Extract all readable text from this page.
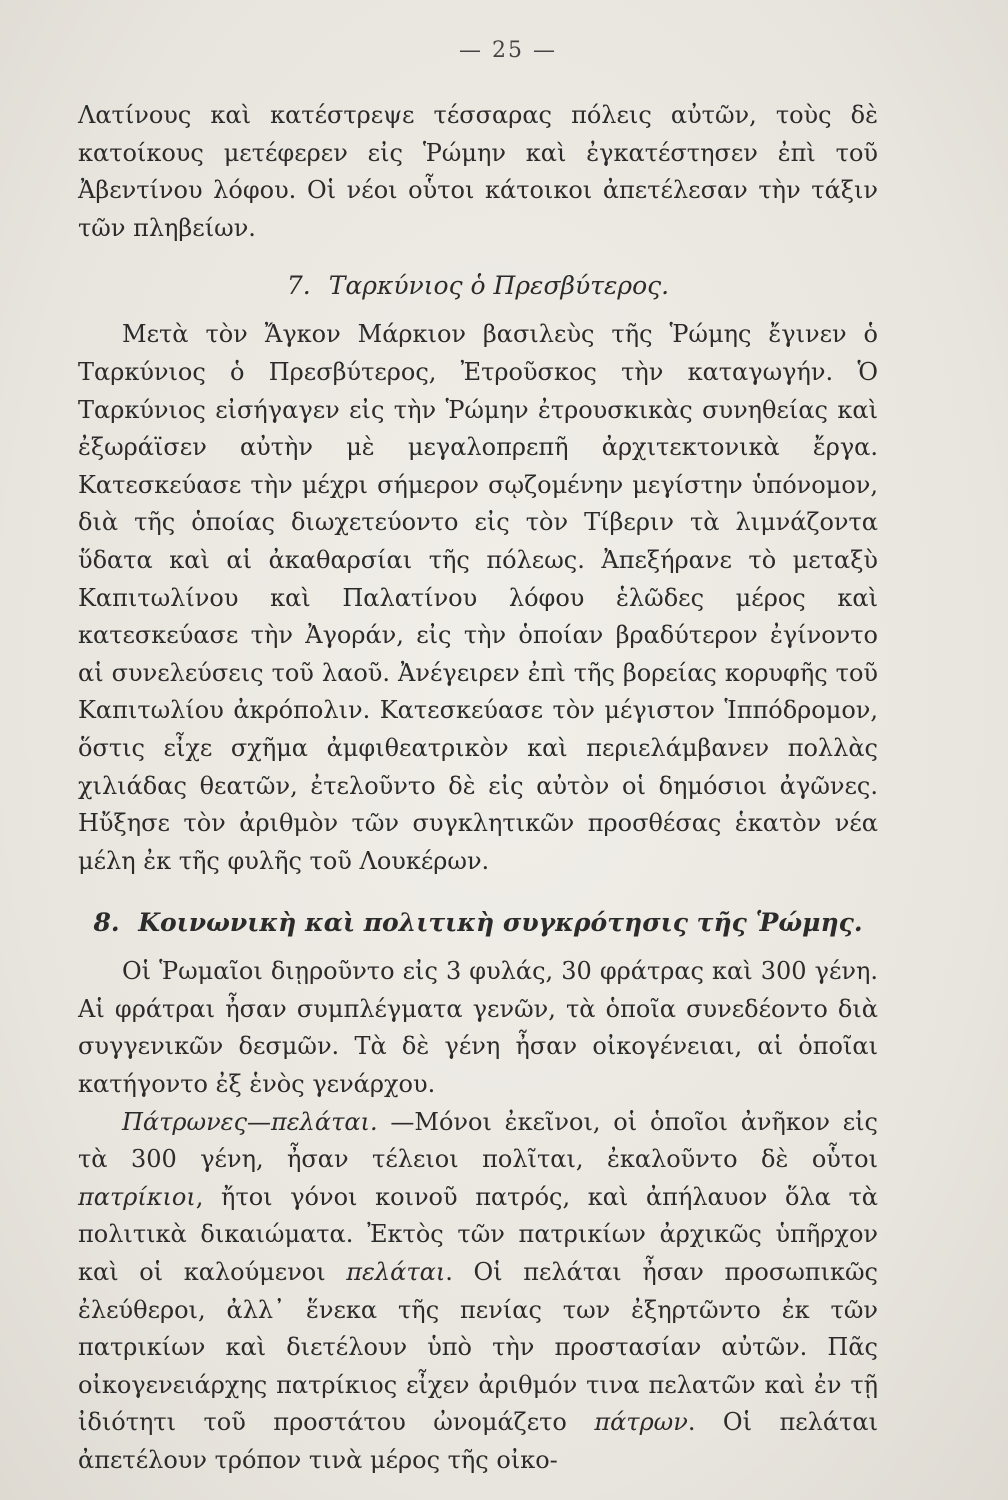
— 25 —

Λατίνους καὶ κατέστρεψε τέσσαρας πόλεις αὐτῶν, τοὺς δὲ κατοίκους μετέφερεν εἰς Ῥώμην καὶ ἐγκατέστησεν ἐπὶ τοῦ Ἀβεντίνου λόφου. Οἱ νέοι οὗτοι κάτοικοι ἀπετέλεσαν τὴν τάξιν τῶν πληβείων.

7. Ταρκύνιος ὁ Πρεσβύτερος.

Μετὰ τὸν Ἄγκον Μάρκιον βασιλεὺς τῆς Ῥώμης ἔγινεν ὁ Ταρκύνιος ὁ Πρεσβύτερος, Ἐτροῦσκος τὴν καταγωγήν. Ὁ Ταρκύνιος εἰσήγαγεν εἰς τὴν Ῥώμην ἐτρουσκικὰς συνηθείας καὶ ἐξωράϊσεν αὐτὴν μὲ μεγαλοπρεπῆ ἀρχιτεκτονικὰ ἔργα. Κατεσκεύασε τὴν μέχρι σήμερον σῳζομένην μεγίστην ὑπόνομον, διὰ τῆς ὁποίας διωχετεύοντο εἰς τὸν Τίβεριν τὰ λιμνάζοντα ὕδατα καὶ αἱ ἀκαθαρσίαι τῆς πόλεως. Ἀπεξήρανε τὸ μεταξὺ Καπιτωλίνου καὶ Παλατίνου λόφου ἑλῶδες μέρος καὶ κατεσκεύασε τὴν Ἀγοράν, εἰς τὴν ὁποίαν βραδύτερον ἐγίνοντο αἱ συνελεύσεις τοῦ λαοῦ. Ἀνέγειρεν ἐπὶ τῆς βορείας κορυφῆς τοῦ Καπιτωλίου ἀκρόπολιν. Κατεσκεύασε τὸν μέγιστον Ἱππόδρομον, ὅστις εἶχε σχῆμα ἀμφιθεατρικὸν καὶ περιελάμβανεν πολλὰς χιλιάδας θεατῶν, ἐτελοῦντο δὲ εἰς αὐτὸν οἱ δημόσιοι ἀγῶνες. Ηὔξησε τὸν ἀριθμὸν τῶν συγκλητικῶν προσθέσας ἑκατὸν νέα μέλη ἐκ τῆς φυλῆς τοῦ Λουκέρων.

8. Κοινωνικὴ καὶ πολιτικὴ συγκρότησις τῆς Ῥώμης.

Οἱ Ῥωμαῖοι διῃροῦντο εἰς 3 φυλάς, 30 φράτρας καὶ 300 γένη. Αἱ φράτραι ἦσαν συμπλέγματα γενῶν, τὰ ὁποῖα συνεδέοντο διὰ συγγενικῶν δεσμῶν. Τὰ δὲ γένη ἦσαν οἰκογένειαι, αἱ ὁποῖαι κατήγοντο ἐξ ἑνὸς γενάρχου.

Πάτρωνες—πελάται. —Μόνοι ἐκεῖνοι, οἱ ὁποῖοι ἀνῆκον εἰς τὰ 300 γένη, ἦσαν τέλειοι πολῖται, ἐκαλοῦντο δὲ οὗτοι πατρίκιοι, ἤτοι γόνοι κοινοῦ πατρός, καὶ ἀπήλαυον ὅλα τὰ πολιτικὰ δικαιώματα. Ἐκτὸς τῶν πατρικίων ἀρχικῶς ὑπῆρχον καὶ οἱ καλούμενοι πελάται. Οἱ πελάται ἦσαν προσωπικῶς ἐλεύθεροι, ἀλλ᾽ ἕνεκα τῆς πενίας των ἐξηρτῶντο ἐκ τῶν πατρικίων καὶ διετέλουν ὑπὸ τὴν προστασίαν αὐτῶν. Πᾶς οἰκογενειάρχης πατρίκιος εἶχεν ἀριθμόν τινα πελατῶν καὶ ἐν τῇ ἰδιότητι τοῦ προστάτου ὠνομάζετο πάτρων. Οἱ πελάται ἀπετέλουν τρόπον τινὰ μέρος τῆς οἰκο-
